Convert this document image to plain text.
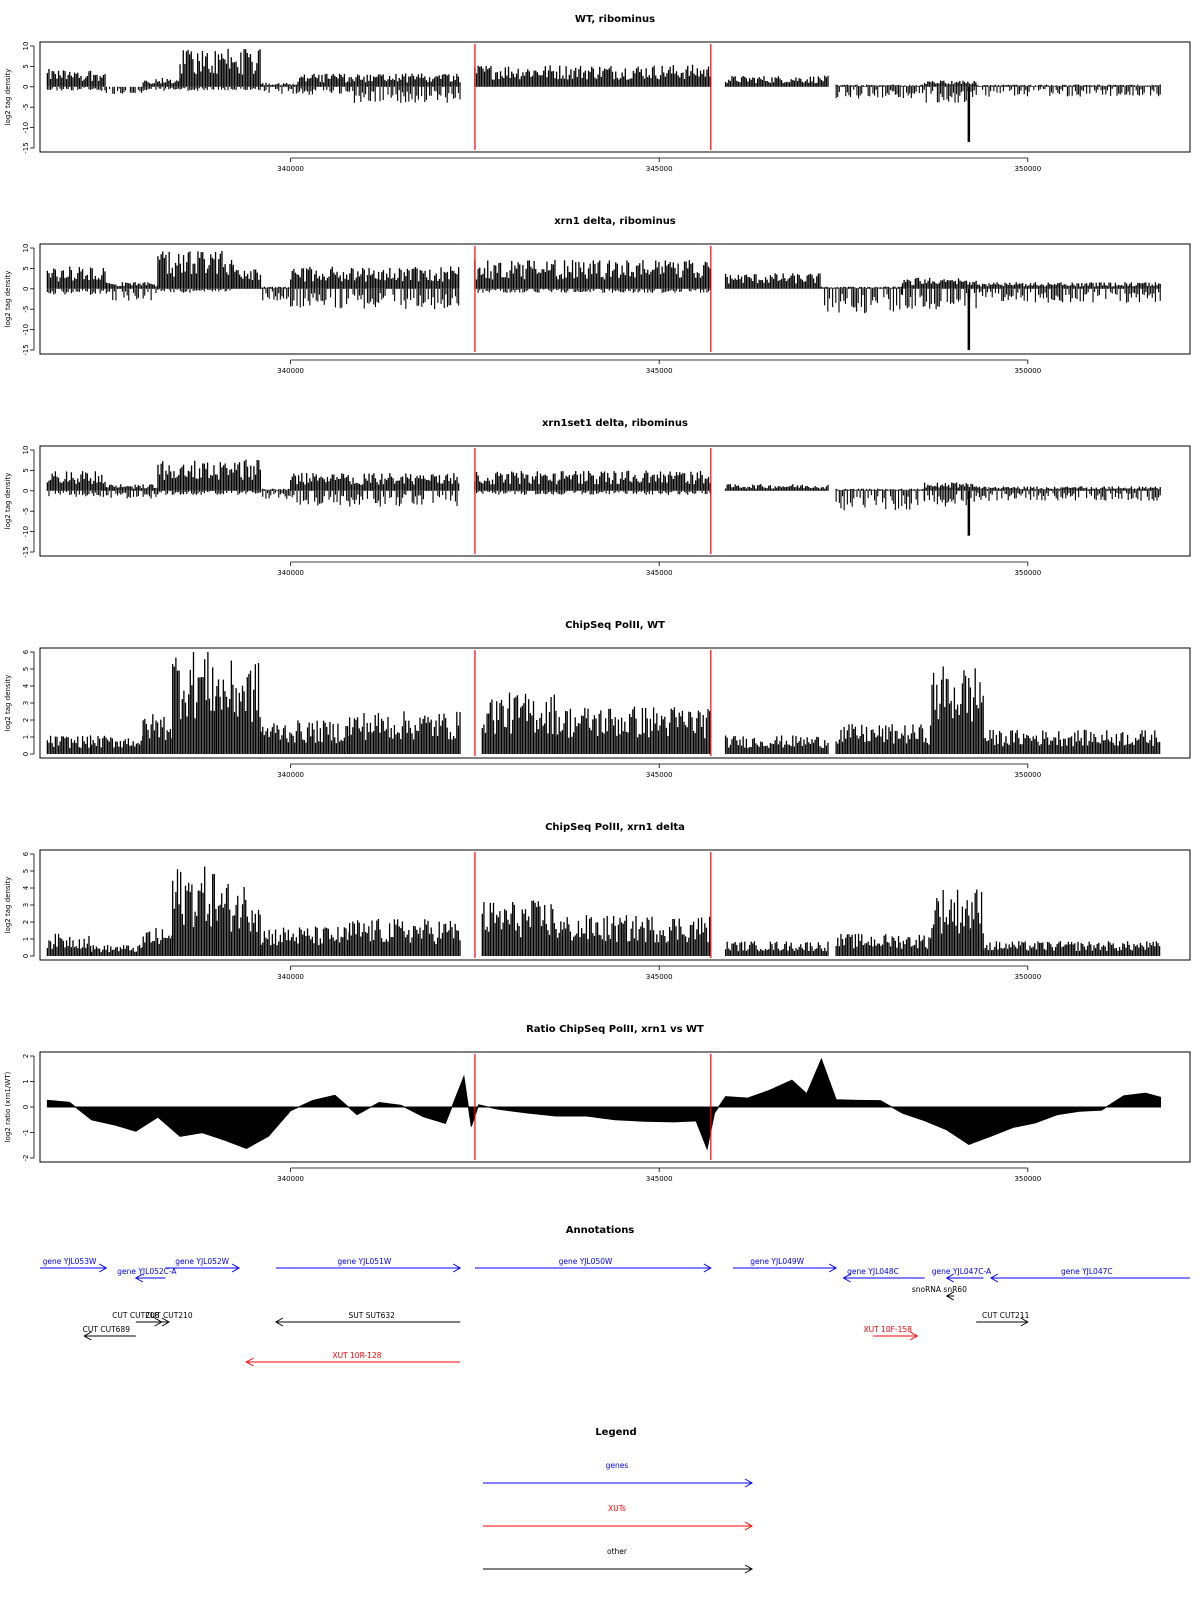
10
5
0
-5
-10
-15
log2 tag density
340000	345000	350000
WT, ribominus
10
5
0
-5
-10
-15
log2 tag density
340000	345000	350000
xrn1 delta, ribominus
10
5
0
-5
-10
-15
log2 tag density
340000	345000	350000
xrn1set1 delta, ribominus
0
1
2
3
4
5
6
log2 tag density
340000	345000	350000
ChipSeq PolII, WT
0
1
2
3
4
5
6
log2 tag density
340000	345000	350000
ChipSeq PolII, xrn1 delta
-2
-1
0
1
2
log2 ratio (xrn1/WT)
340000	345000	350000
Ratio ChipSeq PolII, xrn1 vs WT
Annotations
gene YJL053W
gene YJL052C-A
gene YJL052W	gene YJL051W	gene YJL050W	gene YJL049W
gene YJL048C	gene YJL047C-A	gene YJL047C
snoRNA snR60
CUT CUT208
CUT CUT210
CUT CUT689
SUT SUT632	CUT CUT211
XUT 10R-128
XUT 10F-158
Legend
genes
XUTs
other
